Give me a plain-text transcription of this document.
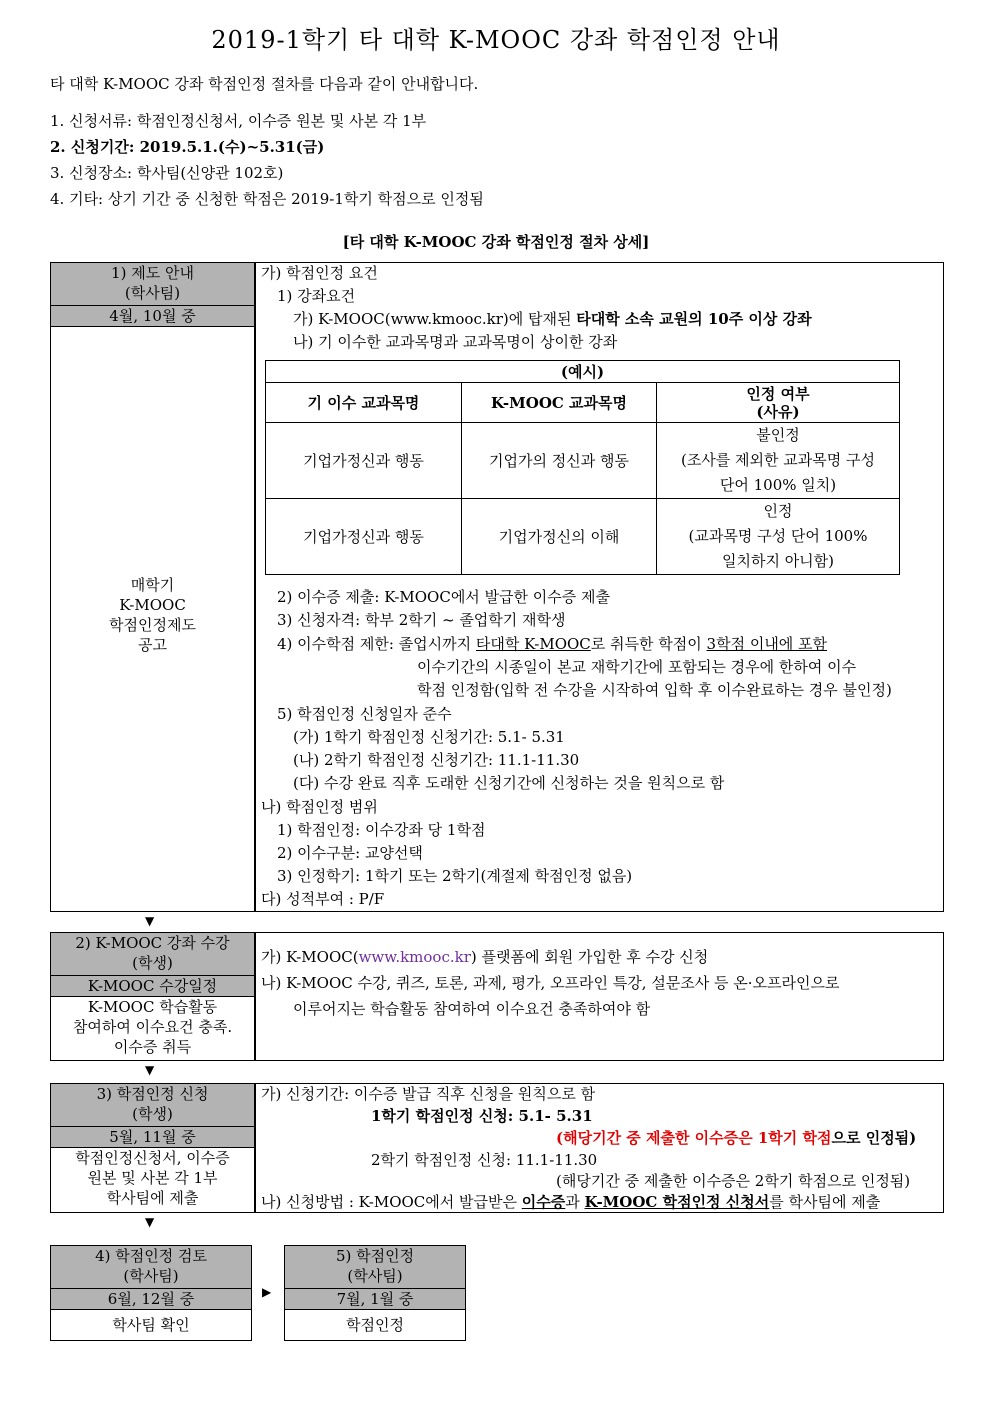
2019-1학기 타 대학 K-MOOC 강좌 학점인정 안내
타 대학 K-MOOC 강좌 학점인정 절차를 다음과 같이 안내합니다.
1. 신청서류: 학점인정신청서, 이수증 원본 및 사본 각 1부
2. 신청기간: 2019.5.1.(수)~5.31(금)
3. 신청장소: 학사팀(신양관 102호)
4. 기타: 상기 기간 중 신청한 학점은 2019-1학기 학점으로 인정됨
[타 대학 K-MOOC 강좌 학점인정 절차 상세]
1) 제도 안내
(학사팀)
4월, 10월 중
매학기
K-MOOC
학점인정제도
공고
가) 학점인정 요건
1) 강좌요건
가) K-MOOC(www.kmooc.kr)에 탑재된 타대학 소속 교원의 10주 이상 강좌
나) 기 이수한 교과목명과 교과목명이 상이한 강좌
(예시)		
기 이수 교과목명	K-MOOC 교과목명	인정 여부
(사유)

기업가정신과 행동	기업가의 정신과 행동	불인정
(조사를 제외한 교과목명 구성
단어 100% 일치)

기업가정신과 행동	기업가정신의 이해	인정
(교과목명 구성 단어 100%
일치하지 아니함)
2) 이수증 제출: K-MOOC에서 발급한 이수증 제출
3) 신청자격: 학부 2학기 ~ 졸업학기 재학생
4) 이수학점 제한: 졸업시까지 타대학 K-MOOC로 취득한 학점이 3학점 이내에 포함
이수기간의 시종일이 본교 재학기간에 포함되는 경우에 한하여 이수
학점 인정함(입학 전 수강을 시작하여 입학 후 이수완료하는 경우 불인정)
5) 학점인정 신청일자 준수
(가) 1학기 학점인정 신청기간: 5.1- 5.31
(나) 2학기 학점인정 신청기간: 11.1-11.30
(다) 수강 완료 직후 도래한 신청기간에 신청하는 것을 원칙으로 함
나) 학점인정 범위
1) 학점인정: 이수강좌 당 1학점
2) 이수구분: 교양선택
3) 인정학기: 1학기 또는 2학기(계절제 학점인정 없음)
다) 성적부여 : P/F
▼
2) K-MOOC 강좌 수강
(학생)
K-MOOC 수강일정
K-MOOC 학습활동
참여하여 이수요건 충족.
이수증 취득
가) K-MOOC(www.kmooc.kr) 플랫폼에 회원 가입한 후 수강 신청
나) K-MOOC 수강, 퀴즈, 토론, 과제, 평가, 오프라인 특강, 설문조사 등 온·오프라인으로
이루어지는 학습활동 참여하여 이수요건 충족하여야 함
▼
3) 학점인정 신청
(학생)
5월, 11월 중
학점인정신청서, 이수증
원본 및 사본 각 1부
학사팀에 제출
가) 신청기간: 이수증 발급 직후 신청을 원칙으로 함
1학기 학점인정 신청: 5.1- 5.31
(해당기간 중 제출한 이수증은 1학기 학점으로 인정됨)
2학기 학점인정 신청: 11.1-11.30
(해당기간 중 제출한 이수증은 2학기 학점으로 인정됨)
나) 신청방법 : K-MOOC에서 발급받은 이수증과 K-MOOC 학점인정 신청서를 학사팀에 제출
▼
4) 학점인정 검토
(학사팀)
6월, 12월 중
학사팀 확인
▶
5) 학점인정
(학사팀)
7월, 1월 중
학점인정
